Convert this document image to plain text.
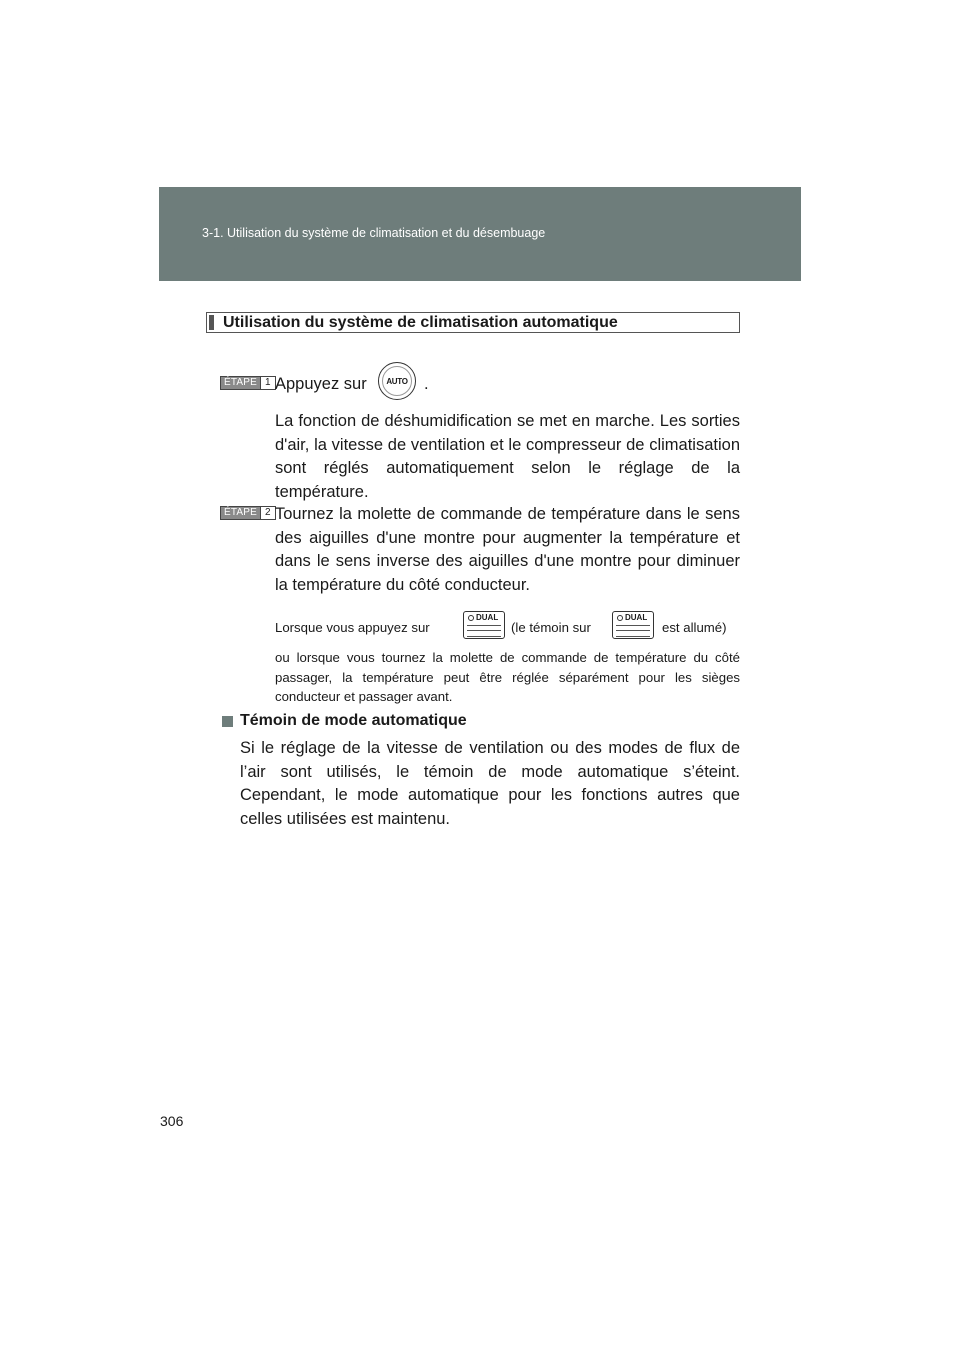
3-1. Utilisation du système de climatisation et du désembuage
Utilisation du système de climatisation automatique
ÉTAPE 1 Appuyez sur AUTO .
La fonction de déshumidification se met en marche. Les sorties d'air, la vitesse de ventilation et le compresseur de climatisation sont réglés automatiquement selon le réglage de la température.
ÉTAPE 2 Tournez la molette de commande de température dans le sens des aiguilles d'une montre pour augmenter la température et dans le sens inverse des aiguilles d'une montre pour diminuer la température du côté conducteur.
Lorsque vous appuyez sur
DUAL
(le témoin sur
DUAL
est allumé)
ou lorsque vous tournez la molette de commande de température du côté passager, la température peut être réglée séparément pour les sièges conducteur et passager avant.
Témoin de mode automatique
Si le réglage de la vitesse de ventilation ou des modes de flux de l’air sont utilisés, le témoin de mode automatique s’éteint. Cependant, le mode automatique pour les fonctions autres que celles utilisées est maintenu.
306
